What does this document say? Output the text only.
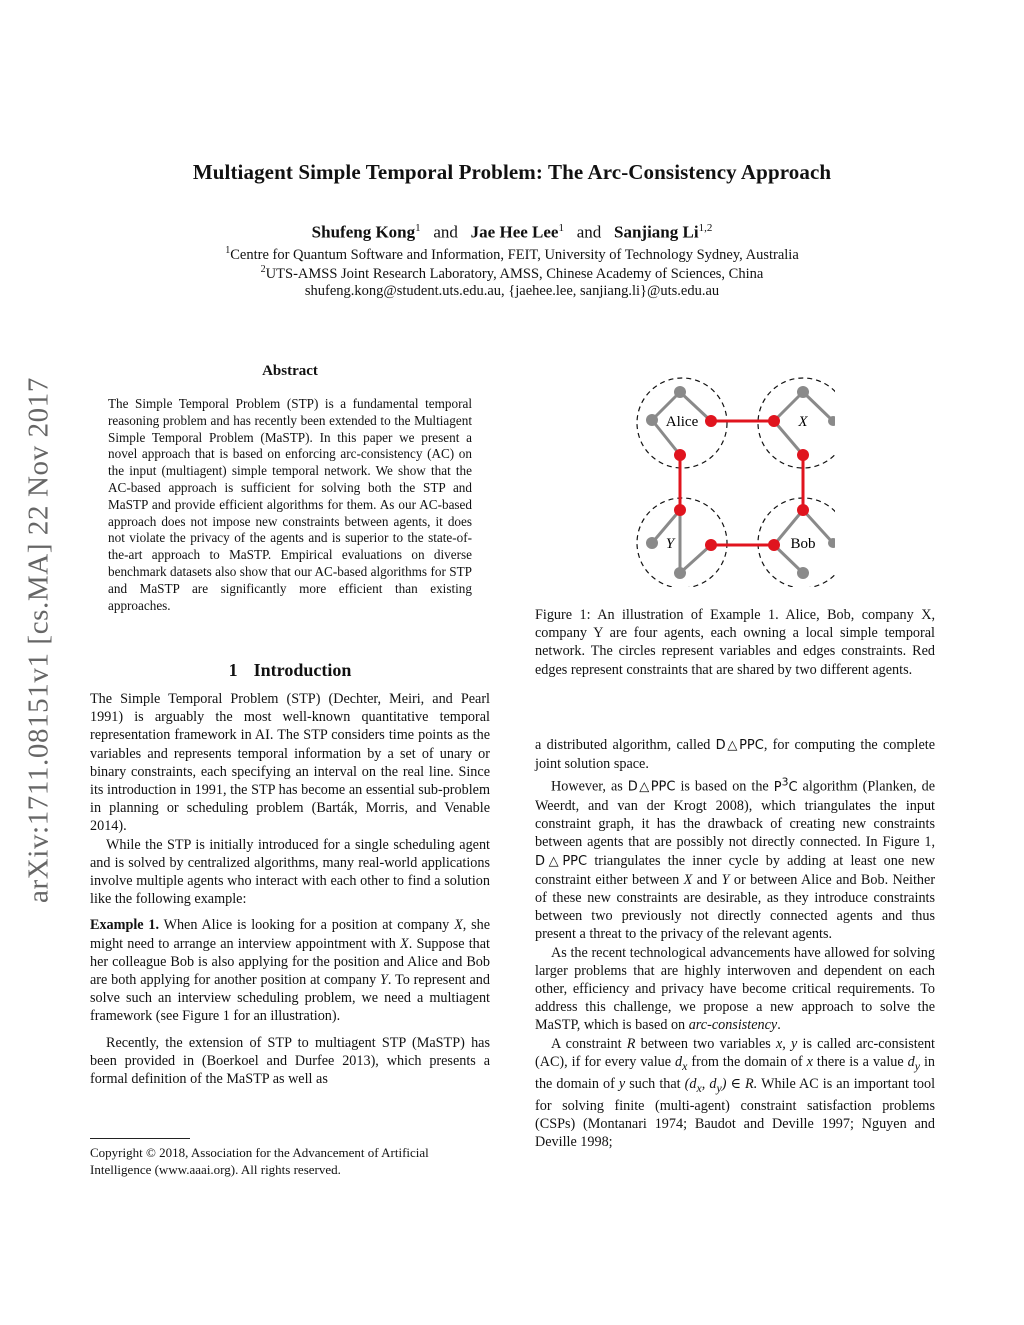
Multiagent Simple Temporal Problem: The Arc-Consistency Approach
Shufeng Kong$^1$ and Jae Hee Lee$^1$ and Sanjiang Li$^{1,2}$
$^1$Centre for Quantum Software and Information, FEIT, University of Technology Sydney, Australia
$^2$UTS-AMSS Joint Research Laboratory, AMSS, Chinese Academy of Sciences, China
shufeng.kong@student.uts.edu.au, {jaehee.lee, sanjiang.li}@uts.edu.au
arXiv:1711.08151v1 [cs.MA] 22 Nov 2017
Abstract

The Simple Temporal Problem (STP) is a fundamental temporal reasoning problem and has recently been extended to the Multiagent Simple Temporal Problem (MaSTP). In this paper we present a novel approach that is based on enforcing arc-consistency (AC) on the input (multiagent) simple temporal network. We show that the AC-based approach is sufficient for solving both the STP and MaSTP and provide efficient algorithms for them. As our AC-based approach does not impose new constraints between agents, it does not violate the privacy of the agents and is superior to the state-of-the-art approach to MaSTP. Empirical evaluations on diverse benchmark datasets also show that our AC-based algorithms for STP and MaSTP are significantly more efficient than existing approaches.

1 Introduction

The Simple Temporal Problem (STP) (Dechter, Meiri, and Pearl 1991) is arguably the most well-known quantitative temporal representation framework in AI. The STP considers time points as the variables and represents temporal information by a set of unary or binary constraints, each specifying an interval on the real line. Since its introduction in 1991, the STP has become an essential sub-problem in planning or scheduling problem (Barták, Morris, and Venable 2014).

While the STP is initially introduced for a single scheduling agent and is solved by centralized algorithms, many real-world applications involve multiple agents who interact with each other to find a solution like the following example:

Example 1. When Alice is looking for a position at company X, she might need to arrange an interview appointment with X. Suppose that her colleague Bob is also applying for the position and Alice and Bob are both applying for another position at company Y. To represent and solve such an interview scheduling problem, we need a multiagent framework (see Figure 1 for an illustration).

Recently, the extension of STP to multiagent STP (MaSTP) has been provided in (Boerkoel and Durfee 2013), which presents a formal definition of the MaSTP as well as

Copyright © 2018, Association for the Advancement of Artificial Intelligence (www.aaai.org). All rights reserved.
Alice	X
Y	Bob
Figure 1: An illustration of Example 1. Alice, Bob, company X, company Y are four agents, each owning a local simple temporal network. The circles represent variables and edges constraints. Red edges represent constraints that are shared by two different agents.

a distributed algorithm, called D△PPC, for computing the complete joint solution space.

However, as D△PPC is based on the $P^3C$ algorithm (Planken, de Weerdt, and van der Krogt 2008), which triangulates the input constraint graph, it has the drawback of creating new constraints between agents that are possibly not directly connected. In Figure 1, D△PPC triangulates the inner cycle by adding at least one new constraint either between X and Y or between Alice and Bob. Neither of these new constraints are desirable, as they introduce constraints between two previously not directly connected agents and thus present a threat to the privacy of the relevant agents.

As the recent technological advancements have allowed for solving larger problems that are highly interwoven and dependent on each other, efficiency and privacy have become critical requirements. To address this challenge, we propose a new approach to solve the MaSTP, which is based on arc-consistency.

A constraint R between two variables x, y is called arc-consistent (AC), if for every value $d_x$ from the domain of x there is a value $d_y$ in the domain of y such that ($d_x$, $d_y$) ∈ R. While AC is an important tool for solving finite (multi-agent) constraint satisfaction problems (CSPs) (Montanari 1974; Baudot and Deville 1997; Nguyen and Deville 1998;
